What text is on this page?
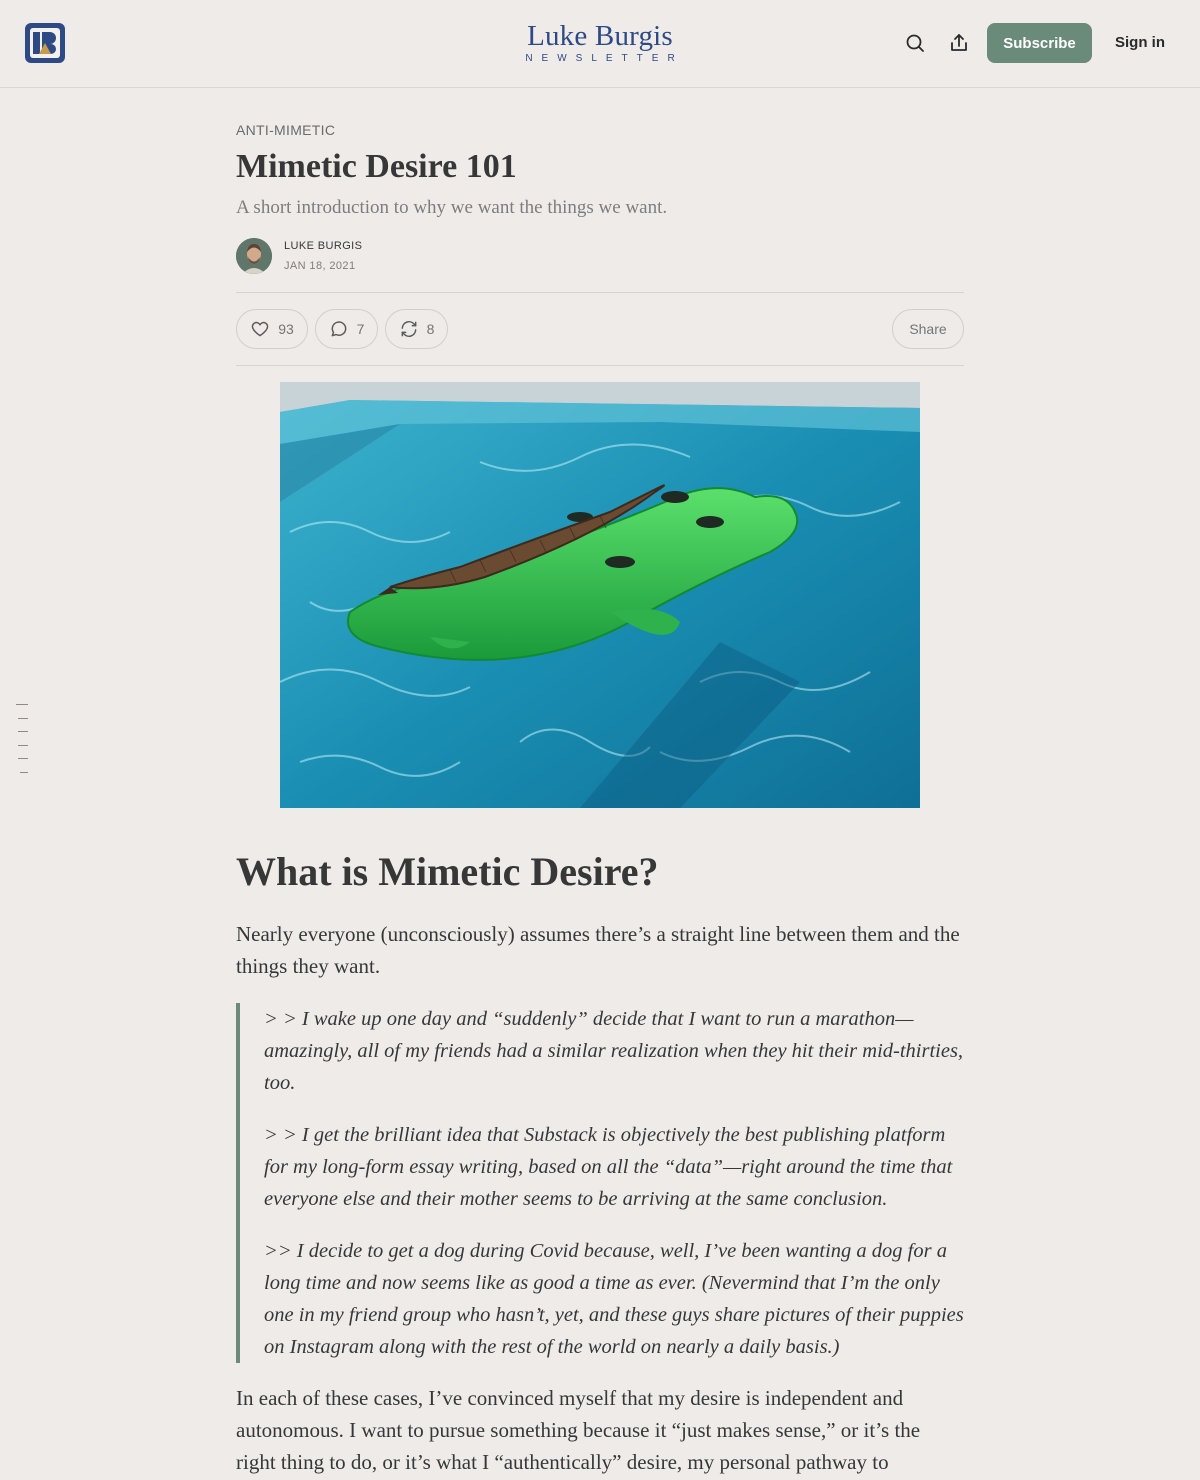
Luke Burgis
NEWSLETTER
Subscribe	Sign in
ANTI-MIMETIC
Mimetic Desire 101
A short introduction to why we want the things we want.
LUKE BURGIS
JAN 18, 2021
93	7	8	Share
What is Mimetic Desire?

Nearly everyone (unconsciously) assumes there’s a straight line between them and the things they want.

> > I wake up one day and “suddenly” decide that I want to run a marathon—amazingly, all of my friends had a similar realization when they hit their mid-thirties, too.

> > I get the brilliant idea that Substack is objectively the best publishing platform for my long-form essay writing, based on all the “data”—right around the time that everyone else and their mother seems to be arriving at the same conclusion.

>> I decide to get a dog during Covid because, well, I’ve been wanting a dog for a long time and now seems like as good a time as ever. (Nevermind that I’m the only one in my friend group who hasn’t, yet, and these guys share pictures of their puppies on Instagram along with the rest of the world on nearly a daily basis.)

In each of these cases, I’ve convinced myself that my desire is independent and autonomous. I want to pursue something because it “just makes sense,” or it’s the right thing to do, or it’s what I “authentically” desire, my personal pathway to
